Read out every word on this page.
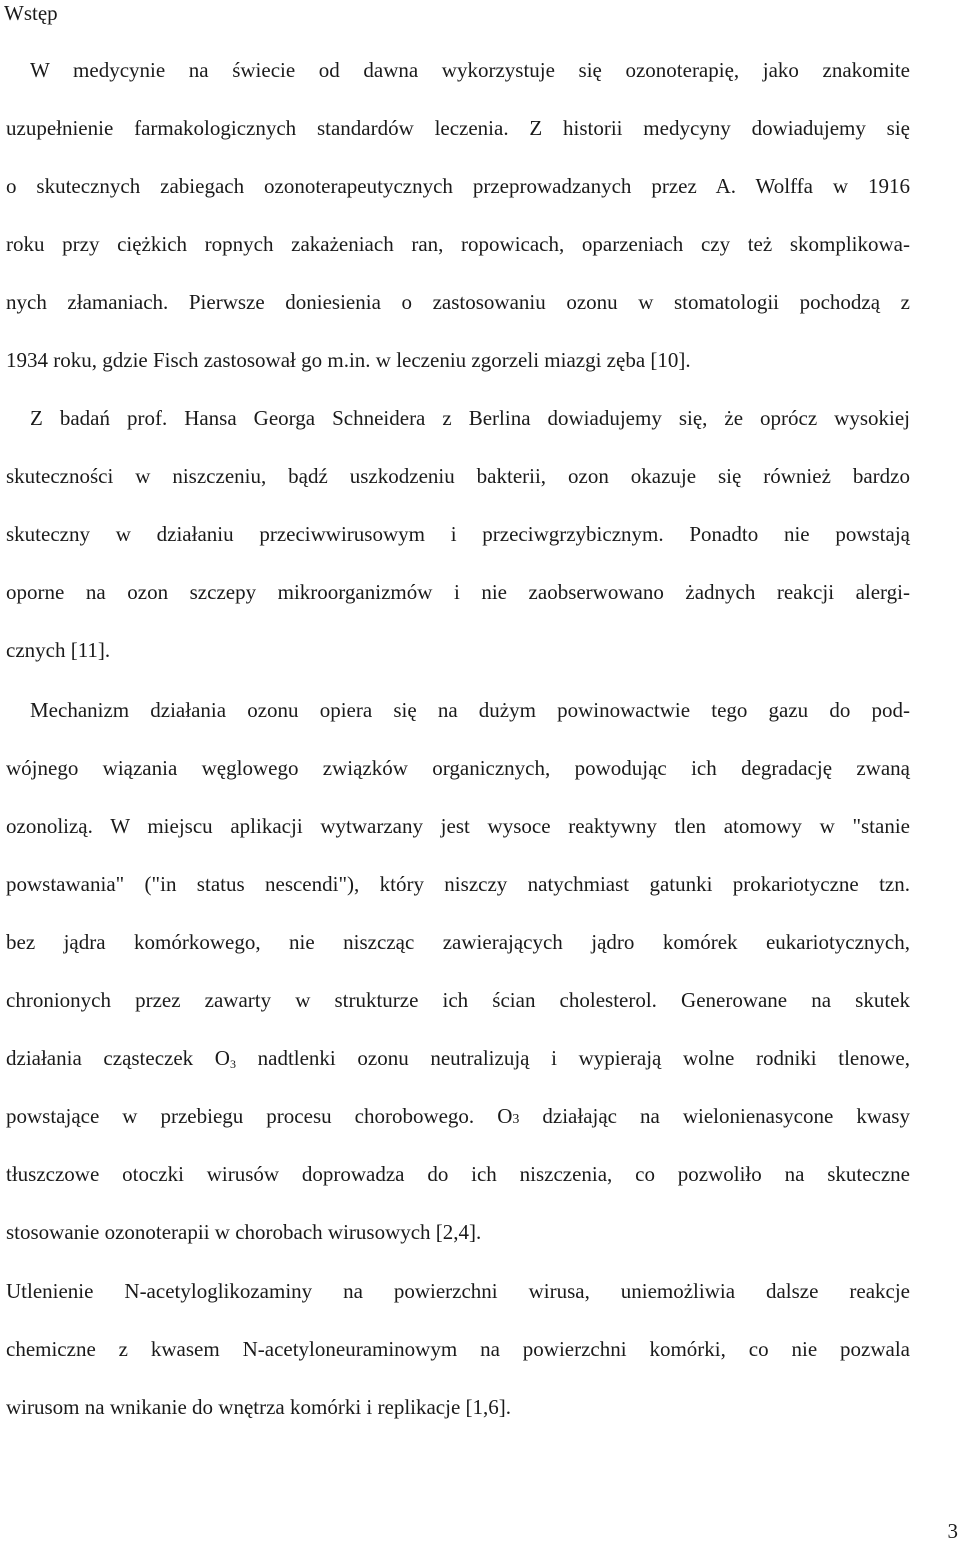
Wstęp
W medycynie na świecie od dawna wykorzystuje się ozonoterapię, jako znakomite
uzupełnienie farmakologicznych standardów leczenia. Z historii medycyny dowiadujemy się
o skutecznych zabiegach ozonoterapeutycznych przeprowadzanych przez A. Wolffa w 1916
roku przy ciężkich ropnych zakażeniach ran, ropowicach, oparzeniach czy też skomplikowa-
nych złamaniach. Pierwsze doniesienia o zastosowaniu ozonu w stomatologii pochodzą z
1934 roku, gdzie Fisch zastosował go m.in. w leczeniu zgorzeli miazgi zęba [10].
Z badań prof. Hansa Georga Schneidera z Berlina dowiadujemy się, że oprócz wysokiej
skuteczności w niszczeniu, bądź uszkodzeniu bakterii, ozon okazuje się również bardzo
skuteczny w działaniu przeciwwirusowym i przeciwgrzybicznym. Ponadto nie powstają
oporne na ozon szczepy mikroorganizmów i nie zaobserwowano żadnych reakcji alergi-
cznych [11].
Mechanizm działania ozonu opiera się na dużym powinowactwie tego gazu do pod-
wójnego wiązania węglowego związków organicznych, powodując ich degradację zwaną
ozonolizą. W miejscu aplikacji wytwarzany jest wysoce reaktywny tlen atomowy w "stanie
powstawania" ("in status nescendi"), który niszczy natychmiast gatunki prokariotyczne tzn.
bez jądra komórkowego, nie niszcząc zawierających jądro komórek eukariotycznych,
chronionych przez zawarty w strukturze ich ścian cholesterol. Generowane na skutek
działania cząsteczek $O_3$ nadtlenki ozonu neutralizują i wypierają wolne rodniki tlenowe,
powstające w przebiegu procesu chorobowego. O3 działając na wielonienasycone kwasy
tłuszczowe otoczki wirusów doprowadza do ich niszczenia, co pozwoliło na skuteczne
stosowanie ozonoterapii w chorobach wirusowych [2,4].
Utlenienie N-acetyloglikozaminy na powierzchni wirusa, uniemożliwia dalsze reakcje
chemiczne z kwasem N-acetyloneuraminowym na powierzchni komórki, co nie pozwala
wirusom na wnikanie do wnętrza komórki i replikacje [1,6].
3
